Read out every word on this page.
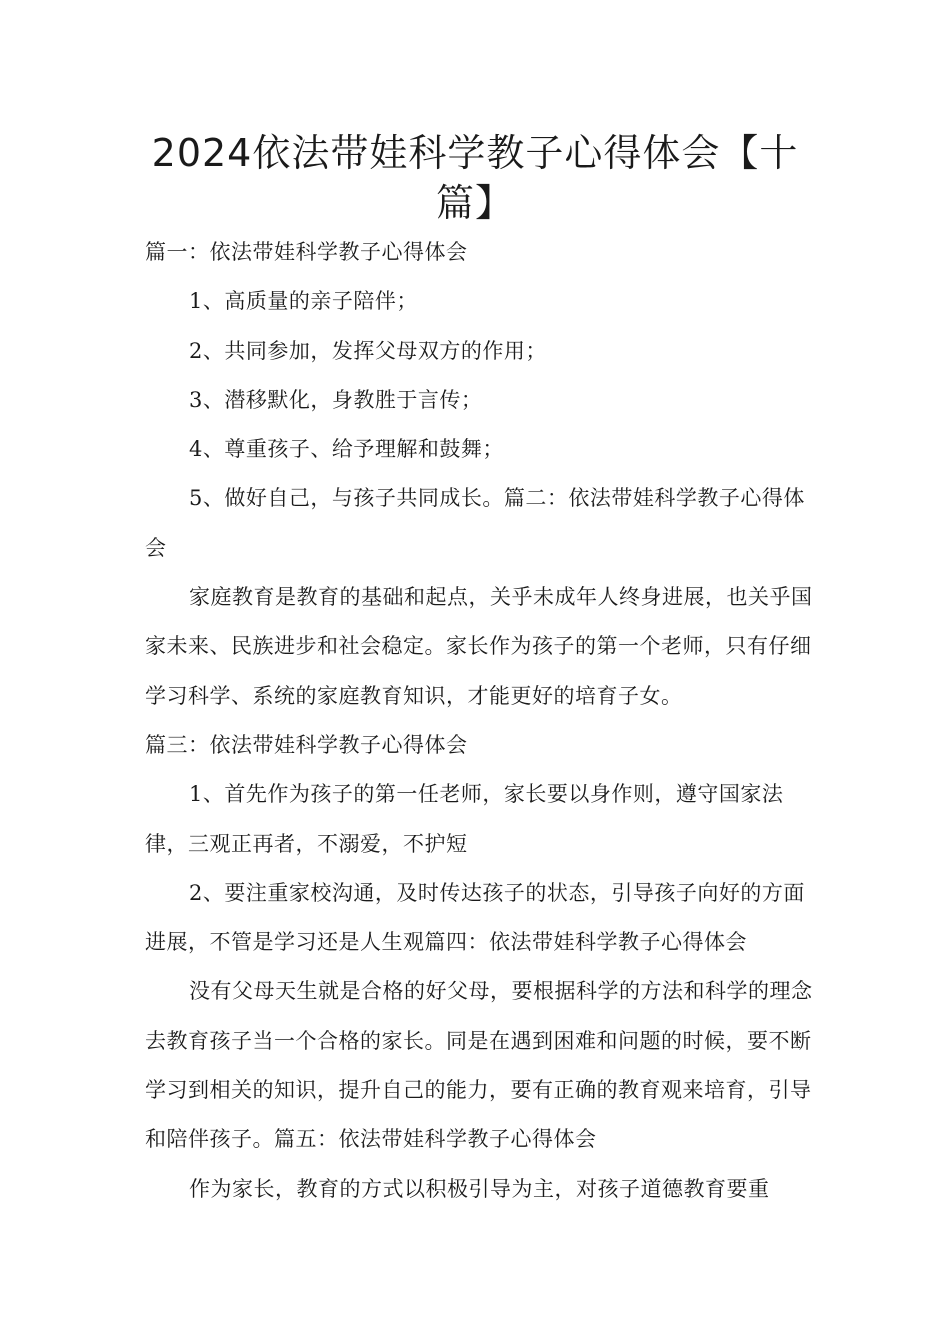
2024依法带娃科学教子心得体会【十
篇】

篇一：依法带娃科学教子心得体会

1、高质量的亲子陪伴；

2、共同参加，发挥父母双方的作用；

3、潜移默化，身教胜于言传；

4、尊重孩子、给予理解和鼓舞；

5、做好自己，与孩子共同成长。篇二：依法带娃科学教子心得体会

家庭教育是教育的基础和起点，关乎未成年人终身进展，也关乎国家未来、民族进步和社会稳定。家长作为孩子的第一个老师，只有仔细学习科学、系统的家庭教育知识，才能更好的培育子女。

篇三：依法带娃科学教子心得体会

1、首先作为孩子的第一任老师，家长要以身作则，遵守国家法律，三观正再者，不溺爱，不护短

2、要注重家校沟通，及时传达孩子的状态，引导孩子向好的方面进展，不管是学习还是人生观篇四：依法带娃科学教子心得体会

没有父母天生就是合格的好父母，要根据科学的方法和科学的理念去教育孩子当一个合格的家长。同是在遇到困难和问题的时候，要不断学习到相关的知识，提升自己的能力，要有正确的教育观来培育，引导和陪伴孩子。篇五：依法带娃科学教子心得体会

作为家长，教育的方式以积极引导为主，对孩子道德教育要重
